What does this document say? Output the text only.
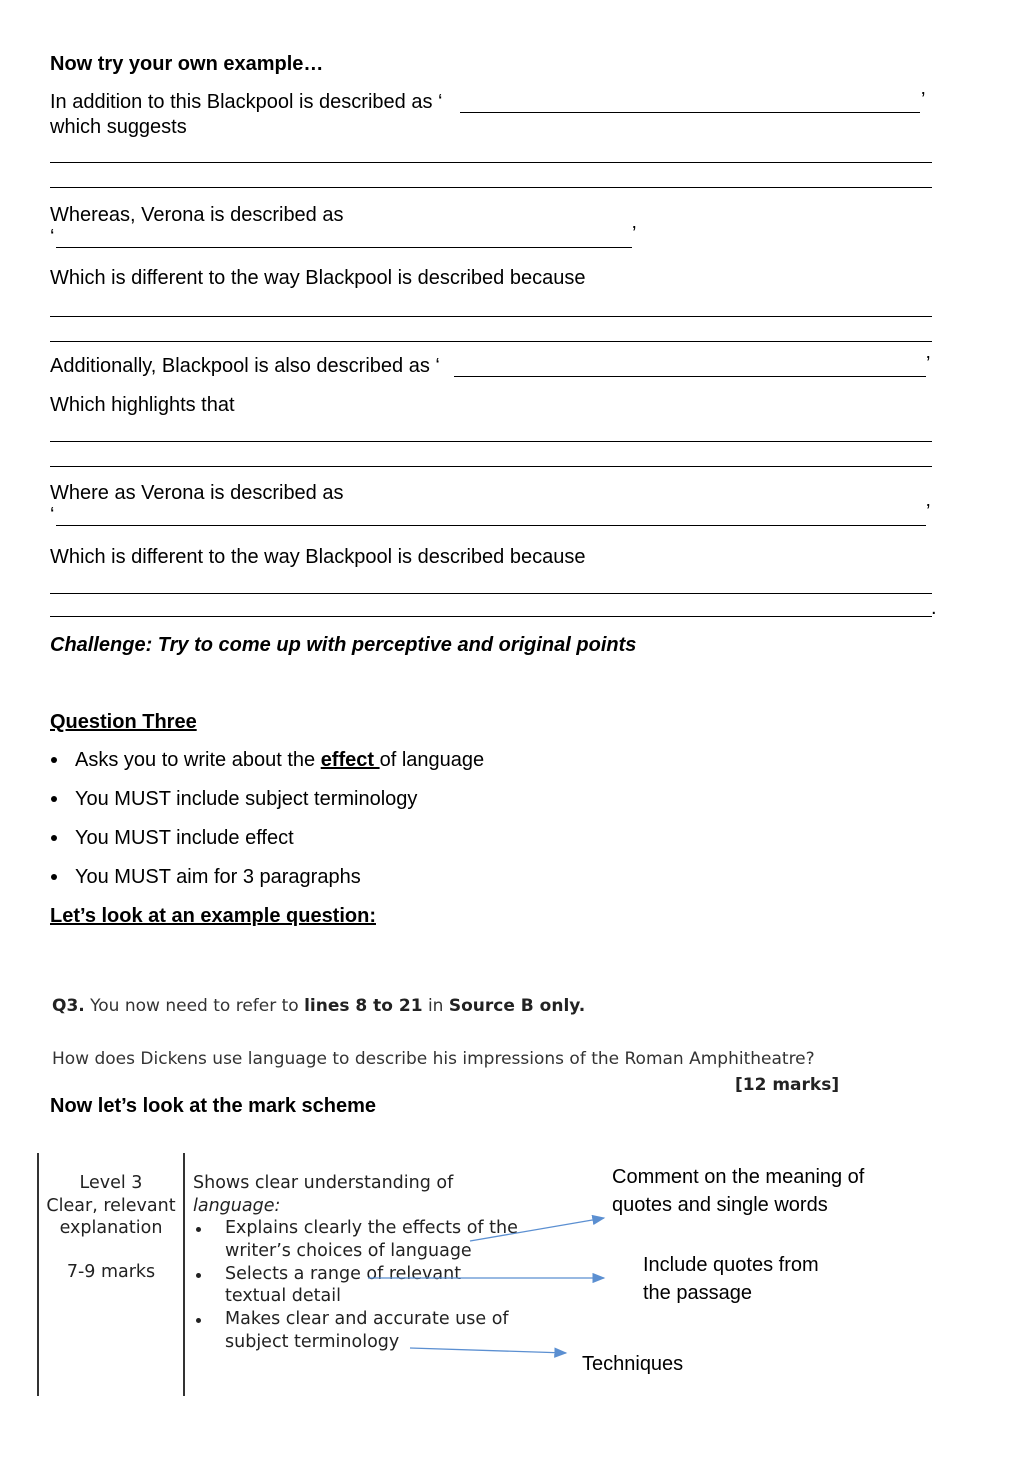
Now try your own example…
In addition to this Blackpool is described as ‘	’
which suggests
Whereas, Verona is described as
‘	’
Which is different to the way Blackpool is described because
Additionally, Blackpool is also described as ‘	’
Which highlights that
Where as Verona is described as
‘	’
Which is different to the way Blackpool is described because
.
Challenge: Try to come up with perceptive and original points
Question Three
Asks you to write about the effect of language
You MUST include subject terminology
You MUST include effect
You MUST aim for 3 paragraphs
Let’s look at an example question:
Q3. You now need to refer to lines 8 to 21 in Source B only.
How does Dickens use language to describe his impressions of the Roman Amphitheatre?
[12 marks]
Now let’s look at the mark scheme
Level 3
Clear, relevant
explanation
7-9 marks
Shows clear understanding of
language:
Explains clearly the effects of the
writer’s choices of language
Selects a range of relevant
textual detail
Makes clear and accurate use of
subject terminology
Comment on the meaning of
quotes and single words
Include quotes from
the passage
Techniques
